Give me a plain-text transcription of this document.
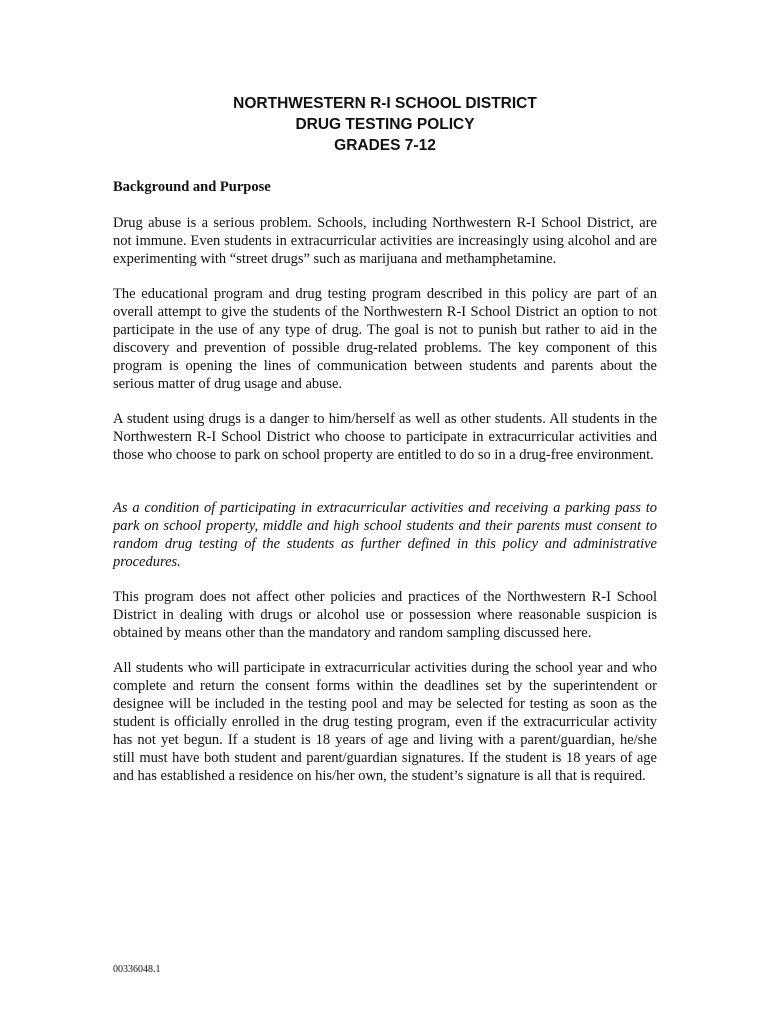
NORTHWESTERN R-I SCHOOL DISTRICT
DRUG TESTING POLICY
GRADES 7-12
Background and Purpose

Drug abuse is a serious problem. Schools, including Northwestern R-I School District, are not immune. Even students in extracurricular activities are increasingly using alcohol and are experimenting with “street drugs” such as marijuana and methamphetamine.

The educational program and drug testing program described in this policy are part of an overall attempt to give the students of the Northwestern R-I School District an option to not participate in the use of any type of drug. The goal is not to punish but rather to aid in the discovery and prevention of possible drug-related problems. The key component of this program is opening the lines of communication between students and parents about the serious matter of drug usage and abuse.

A student using drugs is a danger to him/herself as well as other students. All students in the Northwestern R-I School District who choose to participate in extracurricular activities and those who choose to park on school property are entitled to do so in a drug-free environment.

As a condition of participating in extracurricular activities and receiving a parking pass to park on school property, middle and high school students and their parents must consent to random drug testing of the students as further defined in this policy and administrative procedures.

This program does not affect other policies and practices of the Northwestern R-I School District in dealing with drugs or alcohol use or possession where reasonable suspicion is obtained by means other than the mandatory and random sampling discussed here.

All students who will participate in extracurricular activities during the school year and who complete and return the consent forms within the deadlines set by the superintendent or designee will be included in the testing pool and may be selected for testing as soon as the student is officially enrolled in the drug testing program, even if the extracurricular activity has not yet begun. If a student is 18 years of age and living with a parent/guardian, he/she still must have both student and parent/guardian signatures. If the student is 18 years of age and has established a residence on his/her own, the student’s signature is all that is required.

00336048.1
